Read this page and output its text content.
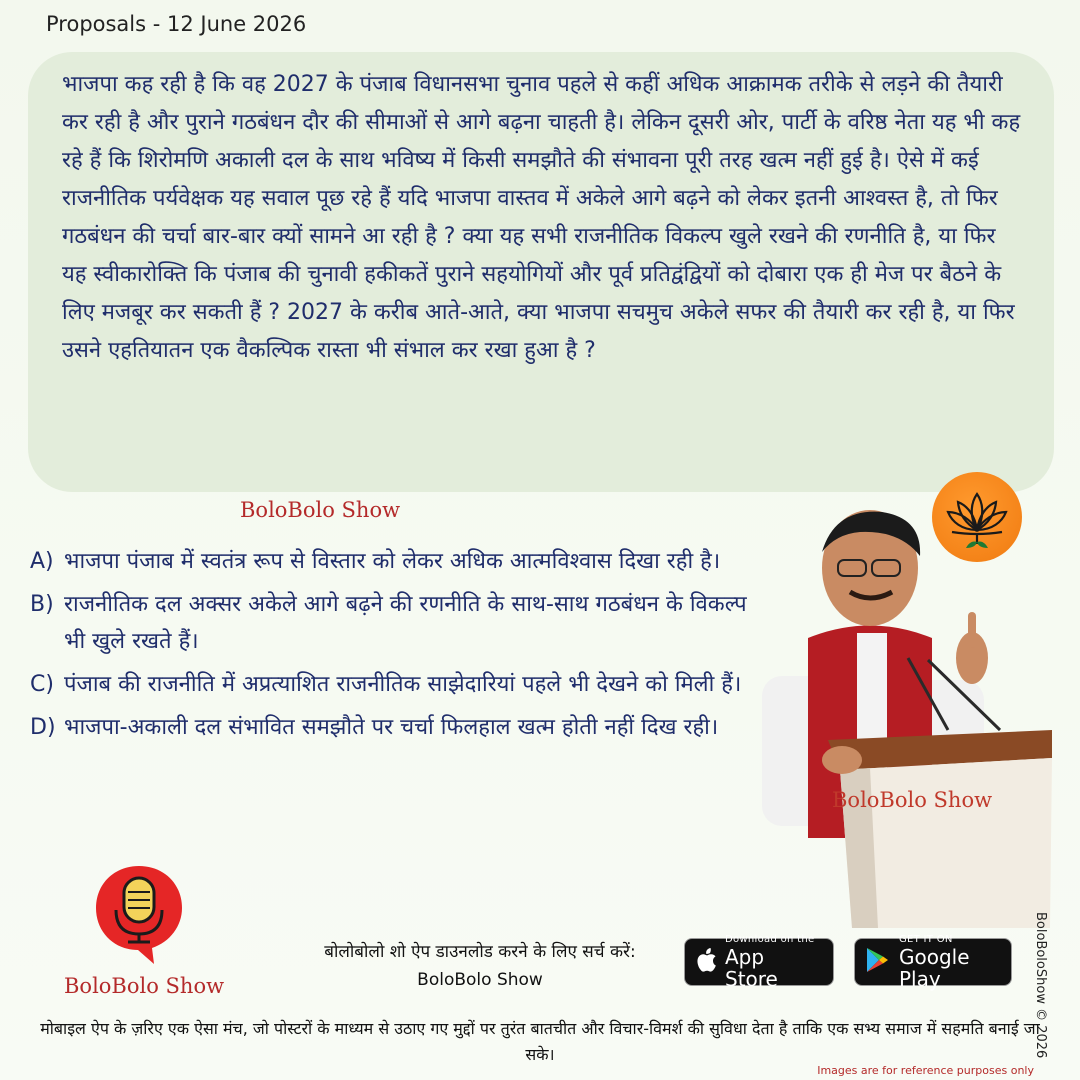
Proposals - 12 June 2026

भाजपा कह रही है कि वह 2027 के पंजाब विधानसभा चुनाव पहले से कहीं अधिक आक्रामक तरीके से लड़ने की तैयारी कर रही है और पुराने गठबंधन दौर की सीमाओं से आगे बढ़ना चाहती है। लेकिन दूसरी ओर, पार्टी के वरिष्ठ नेता यह भी कह रहे हैं कि शिरोमणि अकाली दल के साथ भविष्य में किसी समझौते की संभावना पूरी तरह खत्म नहीं हुई है। ऐसे में कई राजनीतिक पर्यवेक्षक यह सवाल पूछ रहे हैं यदि भाजपा वास्तव में अकेले आगे बढ़ने को लेकर इतनी आश्वस्त है, तो फिर गठबंधन की चर्चा बार-बार क्यों सामने आ रही है ? क्या यह सभी राजनीतिक विकल्प खुले रखने की रणनीति है, या फिर यह स्वीकारोक्ति कि पंजाब की चुनावी हकीकतें पुराने सहयोगियों और पूर्व प्रतिद्वंद्वियों को दोबारा एक ही मेज पर बैठने के लिए मजबूर कर सकती हैं ? 2027 के करीब आते-आते, क्या भाजपा सचमुच अकेले सफर की तैयारी कर रही है, या फिर उसने एहतियातन एक वैकल्पिक रास्ता भी संभाल कर रखा हुआ है ?

BoloBolo Show
A) भाजपा पंजाब में स्वतंत्र रूप से विस्तार को लेकर अधिक आत्मविश्वास दिखा रही है।
B) राजनीतिक दल अक्सर अकेले आगे बढ़ने की रणनीति के साथ-साथ गठबंधन के विकल्प भी खुले रखते हैं।
C) पंजाब की राजनीति में अप्रत्याशित राजनीतिक साझेदारियां पहले भी देखने को मिली हैं।
D) भाजपा-अकाली दल संभावित समझौते पर चर्चा फिलहाल खत्म होती नहीं दिख रही।
BoloBolo Show
BoloBolo Show
बोलोबोलो शो ऐप डाउनलोड करने के लिए सर्च करें:
BoloBolo Show
Download on the
App Store
GET IT ON
Google Play
मोबाइल ऐप के ज़रिए एक ऐसा मंच, जो पोस्टरों के माध्यम से उठाए गए मुद्दों पर तुरंत बातचीत और विचार-विमर्श की सुविधा देता है ताकि एक सभ्य समाज में सहमति बनाई जा सके।	BoloBoloShow © 2026
Images are for reference purposes only
